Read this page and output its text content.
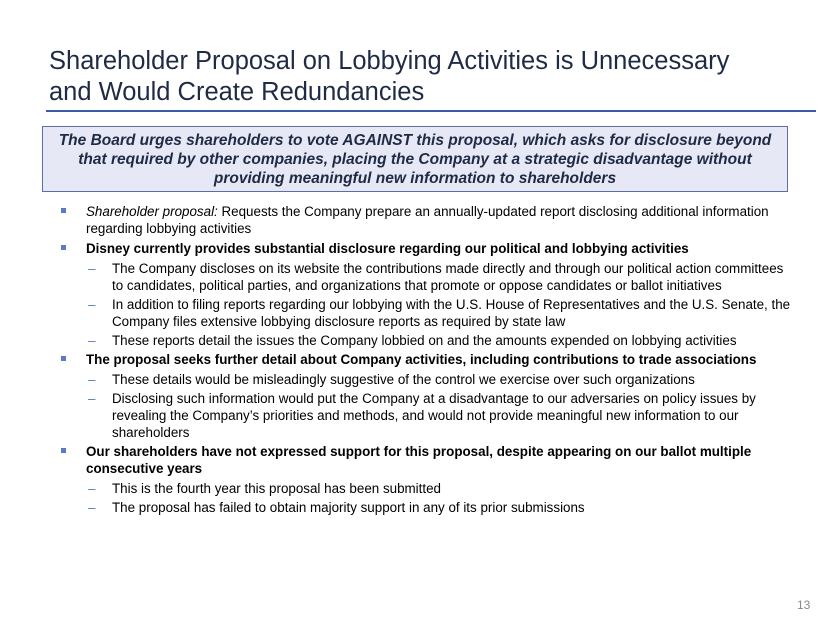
Shareholder Proposal on Lobbying Activities is Unnecessary
and Would Create Redundancies
The Board urges shareholders to vote AGAINST this proposal, which asks for disclosure beyond that required by other companies, placing the Company at a strategic disadvantage without providing meaningful new information to shareholders
Shareholder proposal: Requests the Company prepare an annually-updated report disclosing additional information regarding lobbying activities
Disney currently provides substantial disclosure regarding our political and lobbying activities
– The Company discloses on its website the contributions made directly and through our political action committees to candidates, political parties, and organizations that promote or oppose candidates or ballot initiatives
– In addition to filing reports regarding our lobbying with the U.S. House of Representatives and the U.S. Senate, the Company files extensive lobbying disclosure reports as required by state law
– These reports detail the issues the Company lobbied on and the amounts expended on lobbying activities
The proposal seeks further detail about Company activities, including contributions to trade associations
– These details would be misleadingly suggestive of the control we exercise over such organizations
– Disclosing such information would put the Company at a disadvantage to our adversaries on policy issues by revealing the Company’s priorities and methods, and would not provide meaningful new information to our shareholders
Our shareholders have not expressed support for this proposal, despite appearing on our ballot multiple consecutive years
– This is the fourth year this proposal has been submitted
– The proposal has failed to obtain majority support in any of its prior submissions
13
